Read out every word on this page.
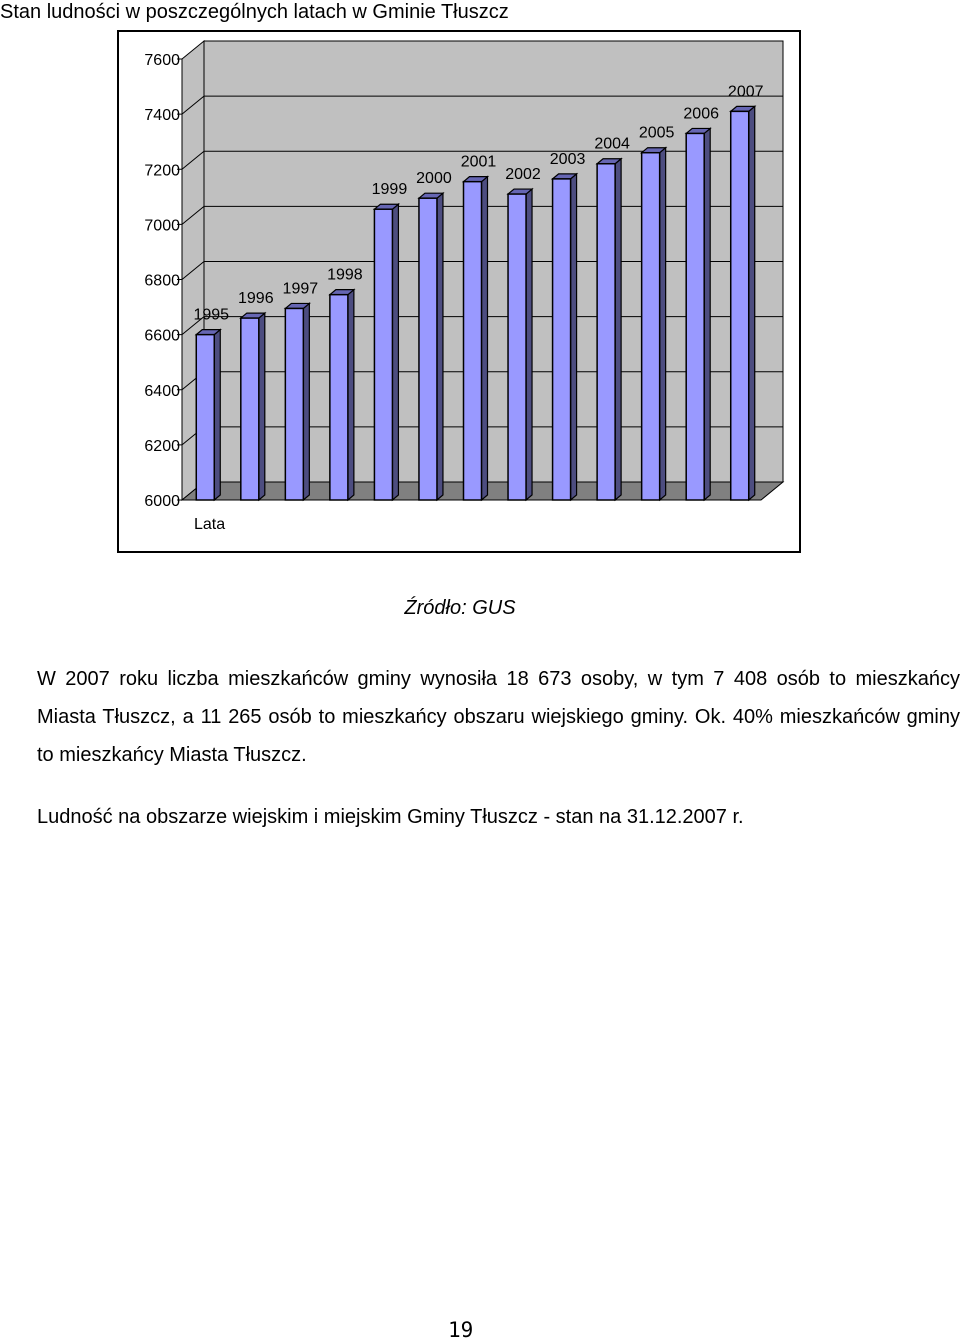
Stan ludności w poszczególnych latach w Gminie Tłuszcz
6000
6200
6400
6600
6800
7000
7200
7400
7600
Lata
1995
1996
1997
1998
1999
2000
2001
2002
2003
2004
2005
2006
2007
Źródło: GUS

W 2007 roku liczba mieszkańców gminy wynosiła 18 673 osoby, w tym 7 408 osób to mieszkańcy Miasta Tłuszcz, a 11 265 osób to mieszkańcy obszaru wiejskiego gminy. Ok. 40% mieszkańców gminy to mieszkańcy Miasta Tłuszcz.

Ludność na obszarze wiejskim i miejskim Gminy Tłuszcz - stan na 31.12.2007 r.
19
